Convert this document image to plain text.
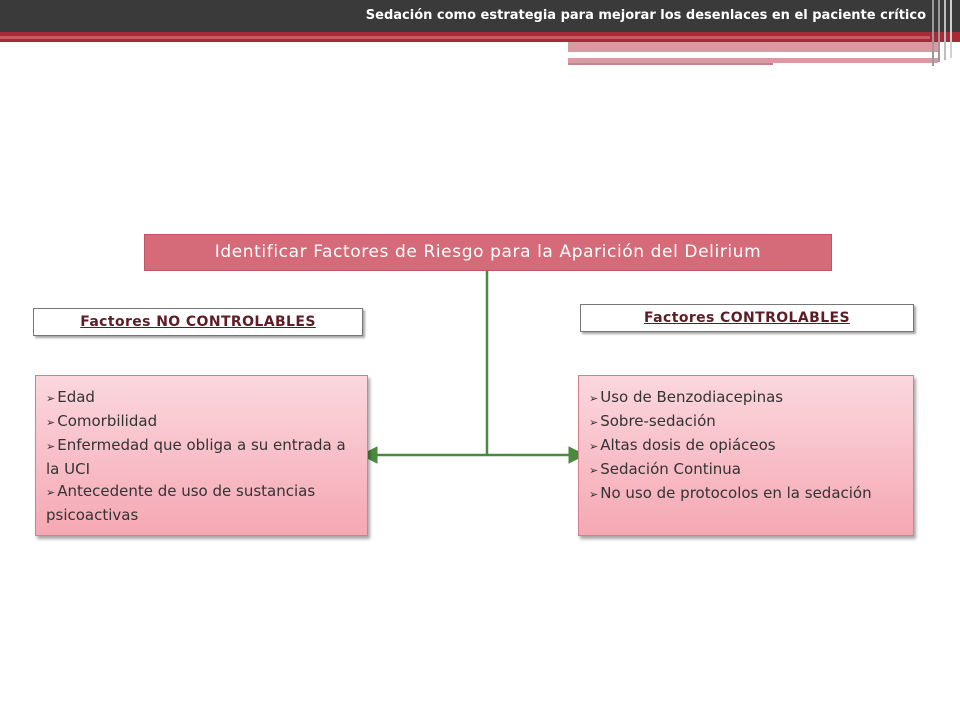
Sedación como estrategia para mejorar los desenlaces en el paciente crítico
Identificar Factores de Riesgo para la Aparición del Delirium
Factores NO CONTROLABLES	Factores CONTROLABLES
➢ Edad
➢ Comorbilidad
➢ Enfermedad que obliga a su entrada a la UCI
➢ Antecedente de uso de sustancias psicoactivas
➢ Uso de Benzodiacepinas
➢ Sobre-sedación
➢ Altas dosis de opiáceos
➢ Sedación Continua
➢ No uso de protocolos en la sedación
